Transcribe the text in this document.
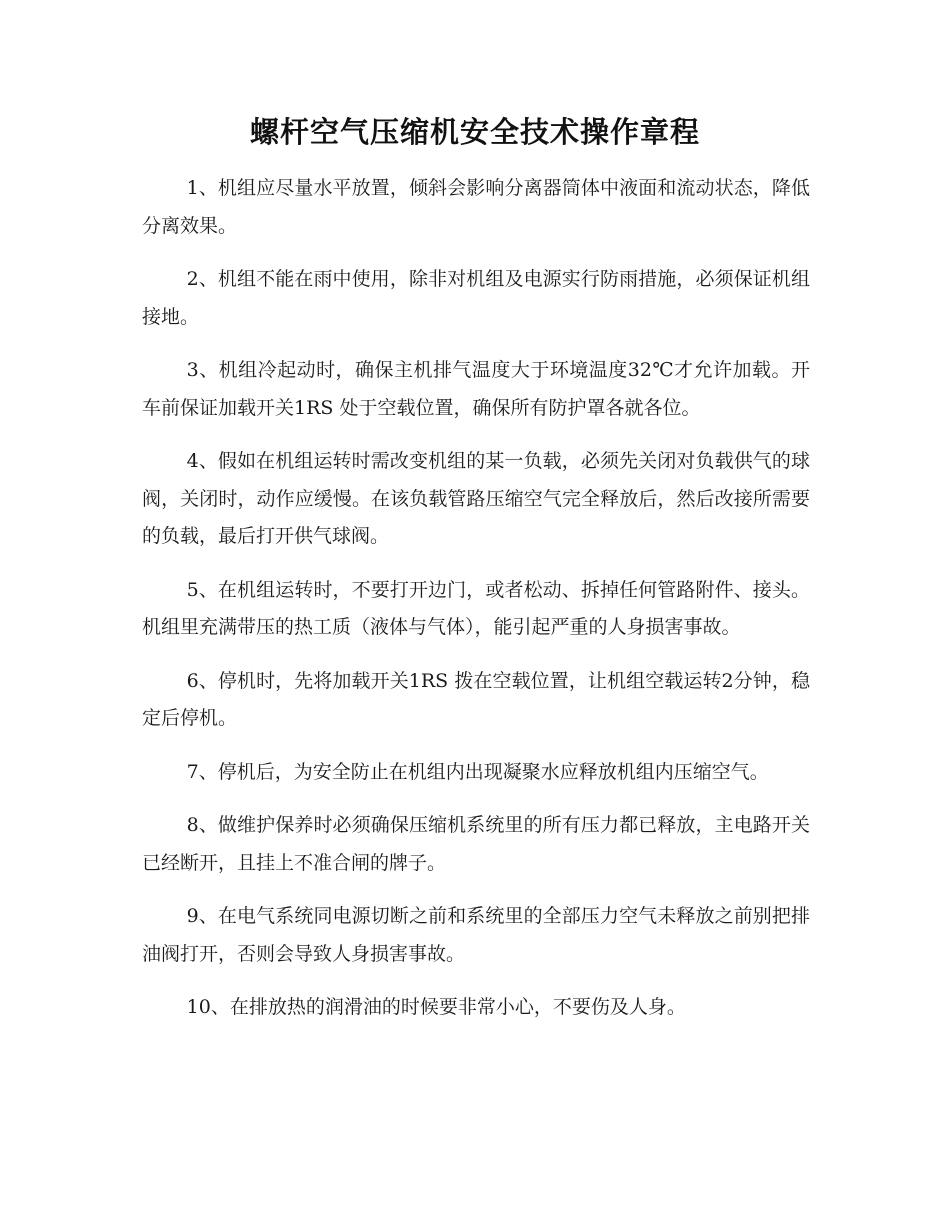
螺杆空气压缩机安全技术操作章程

1、机组应尽量水平放置，倾斜会影响分离器筒体中液面和流动状态，降低分离效果。

2、机组不能在雨中使用，除非对机组及电源实行防雨措施，必须保证机组接地。

3、机组冷起动时，确保主机排气温度大于环境温度32℃才允许加载。开车前保证加载开关1RS 处于空载位置，确保所有防护罩各就各位。

4、假如在机组运转时需改变机组的某一负载，必须先关闭对负载供气的球阀，关闭时，动作应缓慢。在该负载管路压缩空气完全释放后，然后改接所需要的负载，最后打开供气球阀。

5、在机组运转时，不要打开边门，或者松动、拆掉任何管路附件、接头。机组里充满带压的热工质（液体与气体），能引起严重的人身损害事故。

6、停机时，先将加载开关1RS 拨在空载位置，让机组空载运转2分钟，稳定后停机。

7、停机后，为安全防止在机组内出现凝聚水应释放机组内压缩空气。

8、做维护保养时必须确保压缩机系统里的所有压力都已释放，主电路开关已经断开，且挂上不准合闸的牌子。

9、在电气系统同电源切断之前和系统里的全部压力空气未释放之前别把排油阀打开，否则会导致人身损害事故。

10、在排放热的润滑油的时候要非常小心，不要伤及人身。
